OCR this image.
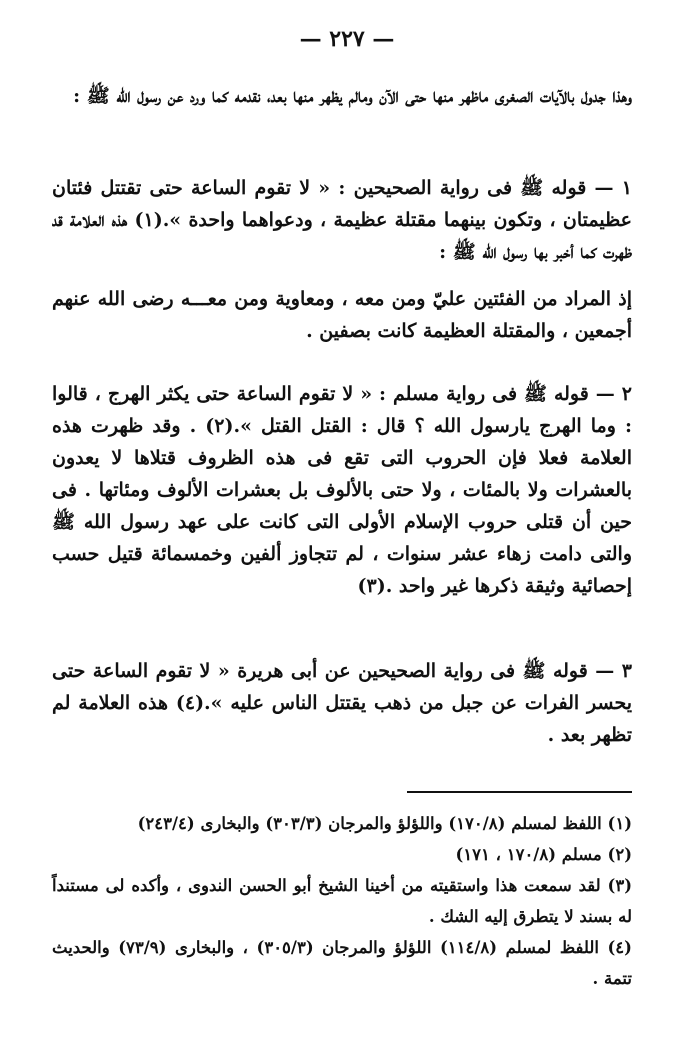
— ٢٢٧ —

وهذا جدول بالآيات الصغرى ماظهر منها حتى الآن ومالم يظهر منها بعد، نقدمه كما ورد عن رسول الله ﷺ :

١ — قوله ﷺ فى رواية الصحيحين : « لا تقوم الساعة حتى تقتتل فئتان عظيمتان ، وتكون بينهما مقتلة عظيمة ، ودعواهما واحدة ».(١) هذه العلامة قد ظهرت كما أخبر بها رسول الله ﷺ :

إذ المراد من الفئتين عليّ ومن معه ، ومعاوية ومن معـــه رضى الله عنهم أجمعين ، والمقتلة العظيمة كانت بصفين .

٢ — قوله ﷺ فى رواية مسلم : « لا تقوم الساعة حتى يكثر الهرج ، قالوا : وما الهرج يارسول الله ؟ قال : القتل القتل ».(٢) . وقد ظهرت هذه العلامة فعلا فإن الحروب التى تقع فى هذه الظروف قتلاها لا يعدون بالعشرات ولا بالمئات ، ولا حتى بالألوف بل بعشرات الألوف ومئاتها . فى حين أن قتلى حروب الإسلام الأولى التى كانت على عهد رسول الله ﷺ والتى دامت زهاء عشر سنوات ، لم تتجاوز ألفين وخمسمائة قتيل حسب إحصائية وثيقة ذكرها غير واحد .(٣)

٣ — قوله ﷺ فى رواية الصحيحين عن أبى هريرة « لا تقوم الساعة حتى يحسر الفرات عن جبل من ذهب يقتتل الناس عليه ».(٤) هذه العلامة لم تظهر بعد .

(١) اللفظ لمسلم (١٧٠/٨) واللؤلؤ والمرجان (٣٠٣/٣) والبخارى (٢٤٣/٤)

(٢) مسلم (١٧٠/٨ ، ١٧١)

(٣) لقد سمعت هذا واستقيته من أخينا الشيخ أبو الحسن الندوى ، وأكده لى مستنداً له بسند لا يتطرق إليه الشك .

(٤) اللفظ لمسلم (١١٤/٨) اللؤلؤ والمرجان (٣٠٥/٣) ، والبخارى (٧٣/٩) والحديث تتمة .
